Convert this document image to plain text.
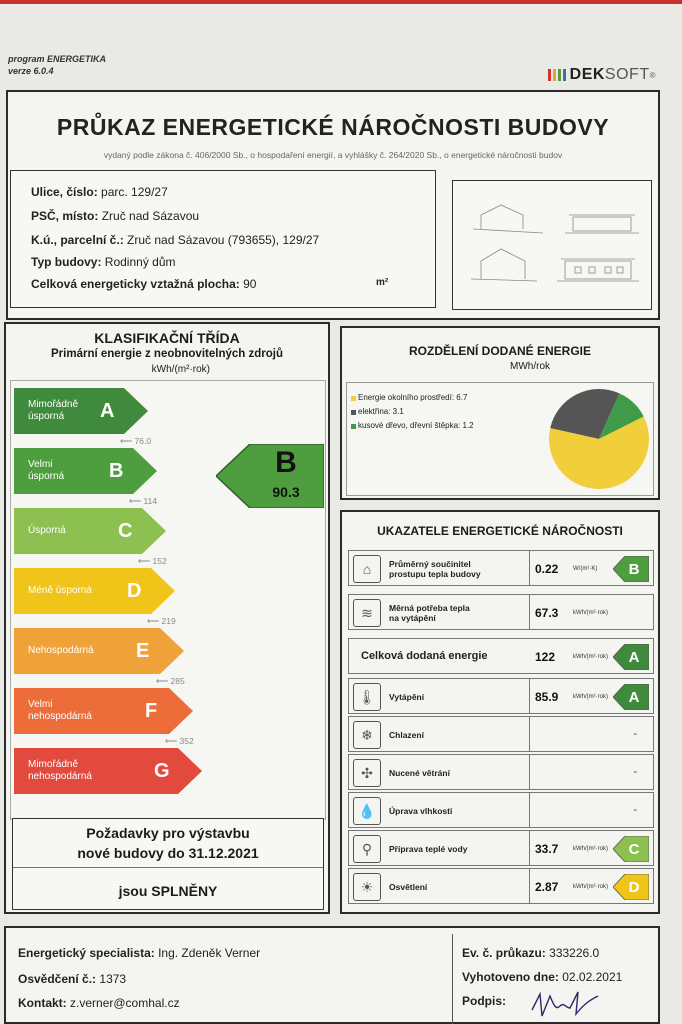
program ENERGETIKA
verze 6.0.4	DEK SOFT ®
PRŮKAZ ENERGETICKÉ NÁROČNOSTI BUDOVY
vydaný podle zákona č. 406/2000 Sb., o hospodaření energií, a vyhlášky č. 264/2020 Sb., o energetické náročnosti budov
Ulice, číslo: parc. 129/27
PSČ, místo: Zruč nad Sázavou
K.ú., parcelní č.: Zruč nad Sázavou (793655), 129/27
Typ budovy: Rodinný dům
Celková energeticky vztažná plocha: 90	m²
KLASIFIKAČNÍ TŘÍDA
Primární energie z neobnovitelných zdrojů
kWh/(m²·rok)
Mimořádně
úsporná	A
⟵ 76.0
Velmi
úsporná B
⟵ 114
Úsporná	C
⟵ 152
Méně úsporná D
⟵ 219
Nehospodárná E
⟵ 285
Velmi
nehospodárná	F
⟵ 352
Mimořádně
nehospodárná	G
B
90.3
Požadavky pro výstavbu
nové budovy do 31.12.2021
jsou SPLNĚNY
ROZDĚLENÍ DODANÉ ENERGIE
MWh/rok
Energie okolního prostředí: 6.7
elektřina: 3.1
kusové dřevo, dřevní štěpka: 1.2
UKAZATELE ENERGETICKÉ NÁROČNOSTI
⌂	Průměrný součinitel
prostupu tepla budovy	0.22 W/(m²·K)	B
≋	Měrná potřeba tepla
na vytápění	67.3 kWh/(m²·rok)
Celková dodaná energie	122	kWh/(m²·rok)	A
🌡	Vytápění	85.9 kWh/(m²·rok)	A
❄	Chlazení	-
✣	Nucené větrání	-
💧	Úprava vlhkosti	-
⚲	Příprava teplé vody	33.7 kWh/(m²·rok)	C
☀	Osvětlení	2.87 kWh/(m²·rok)	D
Energetický specialista: Ing. Zdeněk Verner
Osvědčení č.: 1373
Kontakt: z.verner@comhal.cz
Ev. č. průkazu: 333226.0
Vyhotoveno dne: 02.02.2021
Podpis:
